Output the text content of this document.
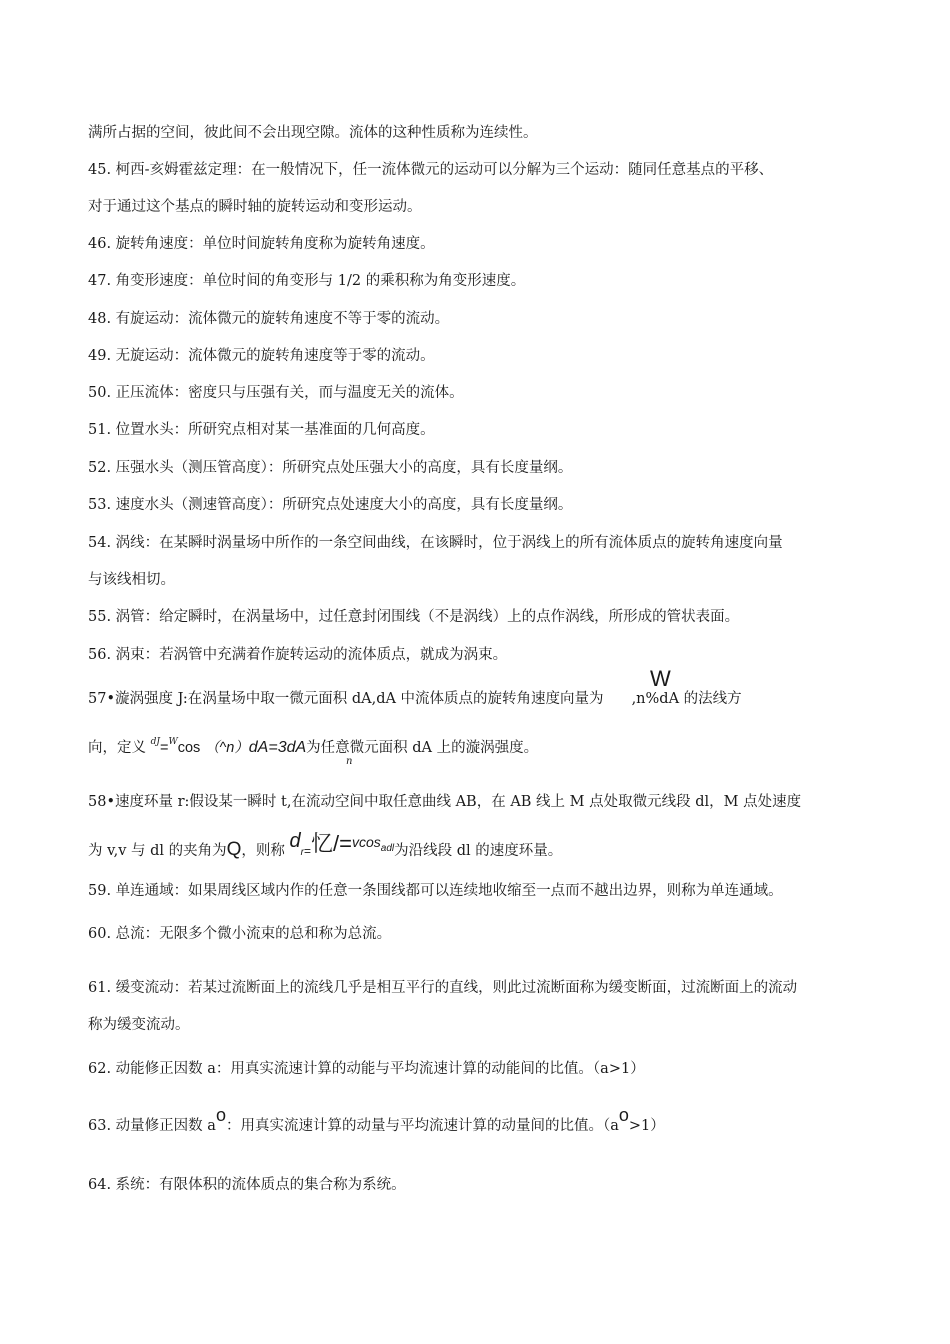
满所占据的空间，彼此间不会出现空隙。流体的这种性质称为连续性。
45. 柯西-亥姆霍兹定理：在一般情况下，任一流体微元的运动可以分解为三个运动：随同任意基点的平移、
对于通过这个基点的瞬时轴的旋转运动和变形运动。
46. 旋转角速度：单位时间旋转角度称为旋转角速度。
47. 角变形速度：单位时间的角变形与 1/2 的乘积称为角变形速度。
48. 有旋运动：流体微元的旋转角速度不等于零的流动。
49. 无旋运动：流体微元的旋转角速度等于零的流动。
50. 正压流体：密度只与压强有关，而与温度无关的流体。
51. 位置水头：所研究点相对某一基准面的几何高度。
52. 压强水头（测压管高度）：所研究点处压强大小的高度，具有长度量纲。
53. 速度水头（测速管高度）：所研究点处速度大小的高度，具有长度量纲。
54. 涡线：在某瞬时涡量场中所作的一条空间曲线，在该瞬时，位于涡线上的所有流体质点的旋转角速度向量
与该线相切。
55. 涡管：给定瞬时，在涡量场中，过任意封闭围线（不是涡线）上的点作涡线，所形成的管状表面。
56. 涡束：若涡管中充满着作旋转运动的流体质点，就成为涡束。
57•漩涡强度 J:在涡量场中取一微元面积 dA,dA 中流体质点的旋转角速度向量为 ,n%dA 的法线方
W
向，定义 $^{dJ}$=$^W$cos （^n）dA=3dA为任意微元面积 dA 上的漩涡强度。
n
58•速度环量 r:假设某一瞬时 t,在流动空间中取任意曲线 AB，在 AB 线上 M 点处取微元线段 dl，M 点处速度
为 v,v 与 dl 的夹角为Q，则称 dr=忆/=vcos$^{adl}$为沿线段 dl 的速度环量。
59. 单连通域：如果周线区域内作的任意一条围线都可以连续地收缩至一点而不越出边界，则称为单连通域。
60. 总流：无限多个微小流束的总和称为总流。
61. 缓变流动：若某过流断面上的流线几乎是相互平行的直线，则此过流断面称为缓变断面，过流断面上的流动
称为缓变流动。
62. 动能修正因数 a：用真实流速计算的动能与平均流速计算的动能间的比值。（a>1）
63. 动量修正因数 ao：用真实流速计算的动量与平均流速计算的动量间的比值。（ao>1）
64. 系统：有限体积的流体质点的集合称为系统。
